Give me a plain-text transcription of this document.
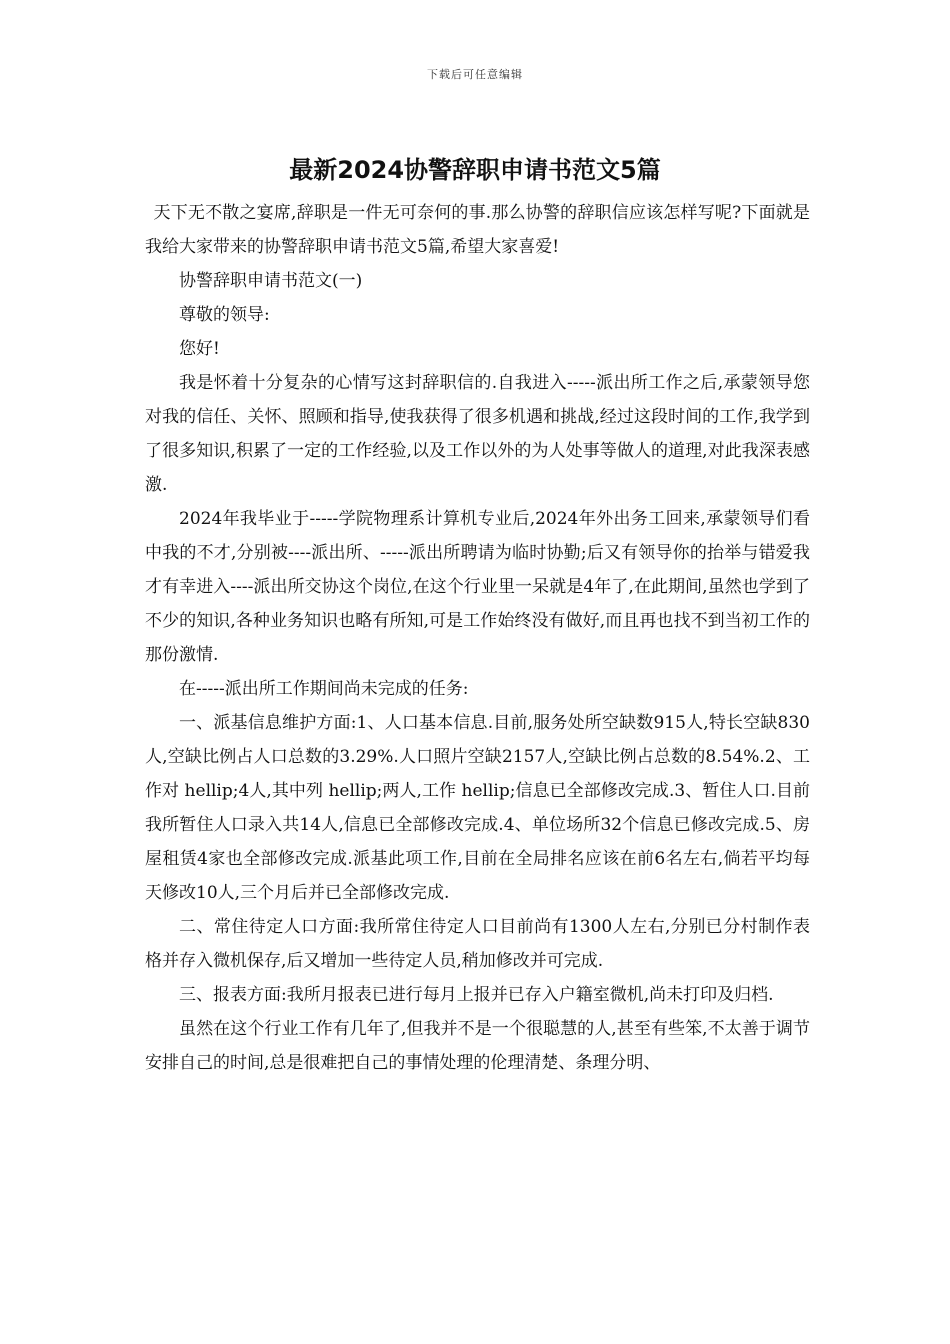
下载后可任意编辑
最新2024协警辞职申请书范文5篇

天下无不散之宴席,辞职是一件无可奈何的事.那么协警的辞职信应该怎样写呢?下面就是我给大家带来的协警辞职申请书范文5篇,希望大家喜爱!

协警辞职申请书范文(一)

尊敬的领导:

您好!

我是怀着十分复杂的心情写这封辞职信的.自我进入-----派出所工作之后,承蒙领导您对我的信任、关怀、照顾和指导,使我获得了很多机遇和挑战,经过这段时间的工作,我学到了很多知识,积累了一定的工作经验,以及工作以外的为人处事等做人的道理,对此我深表感激.

2024年我毕业于-----学院物理系计算机专业后,2024年外出务工回来,承蒙领导们看中我的不才,分别被----派出所、-----派出所聘请为临时协勤;后又有领导你的抬举与错爱我才有幸进入----派出所交协这个岗位,在这个行业里一呆就是4年了,在此期间,虽然也学到了不少的知识,各种业务知识也略有所知,可是工作始终没有做好,而且再也找不到当初工作的那份激情.

在-----派出所工作期间尚未完成的任务:

一、派基信息维护方面:1、人口基本信息.目前,服务处所空缺数915人,特长空缺830人,空缺比例占人口总数的3.29%.人口照片空缺2157人,空缺比例占总数的8.54%.2、工作对 hellip;4人,其中列 hellip;两人,工作 hellip;信息已全部修改完成.3、暂住人口.目前我所暂住人口录入共14人,信息已全部修改完成.4、单位场所32个信息已修改完成.5、房屋租赁4家也全部修改完成.派基此项工作,目前在全局排名应该在前6名左右,倘若平均每天修改10人,三个月后并已全部修改完成.

二、常住待定人口方面:我所常住待定人口目前尚有1300人左右,分别已分村制作表格并存入微机保存,后又增加一些待定人员,稍加修改并可完成.

三、报表方面:我所月报表已进行每月上报并已存入户籍室微机,尚未打印及归档.

虽然在这个行业工作有几年了,但我并不是一个很聪慧的人,甚至有些笨,不太善于调节安排自己的时间,总是很难把自己的事情处理的伦理清楚、条理分明、
